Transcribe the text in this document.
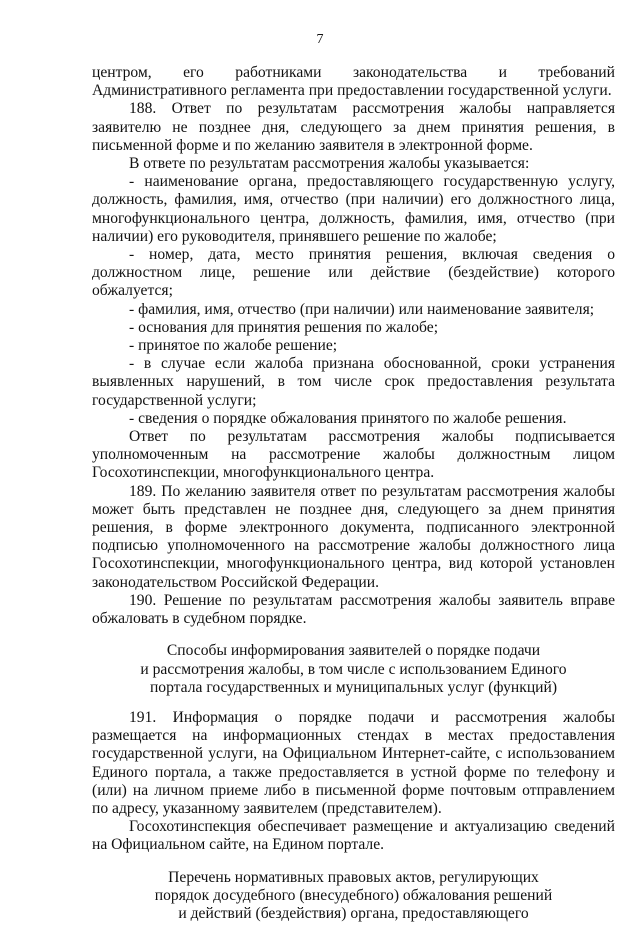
7

центром, его работниками законодательства и требований Административного регламента при предоставлении государственной услуги.

188. Ответ по результатам рассмотрения жалобы направляется заявителю не позднее дня, следующего за днем принятия решения, в письменной форме и по желанию заявителя в электронной форме.

В ответе по результатам рассмотрения жалобы указывается:

- наименование органа, предоставляющего государственную услугу, должность, фамилия, имя, отчество (при наличии) его должностного лица, многофункционального центра, должность, фамилия, имя, отчество (при наличии) его руководителя, принявшего решение по жалобе;

- номер, дата, место принятия решения, включая сведения о должностном лице, решение или действие (бездействие) которого обжалуется;

- фамилия, имя, отчество (при наличии) или наименование заявителя;

- основания для принятия решения по жалобе;

- принятое по жалобе решение;

- в случае если жалоба признана обоснованной, сроки устранения выявленных нарушений, в том числе срок предоставления результата государственной услуги;

- сведения о порядке обжалования принятого по жалобе решения.

Ответ по результатам рассмотрения жалобы подписывается уполномоченным на рассмотрение жалобы должностным лицом Госохотинспекции, многофункционального центра.

189. По желанию заявителя ответ по результатам рассмотрения жалобы может быть представлен не позднее дня, следующего за днем принятия решения, в форме электронного документа, подписанного электронной подписью уполномоченного на рассмотрение жалобы должностного лица Госохотинспекции, многофункционального центра, вид которой установлен законодательством Российской Федерации.

190. Решение по результатам рассмотрения жалобы заявитель вправе обжаловать в судебном порядке.

Способы информирования заявителей о порядке подачи
и рассмотрения жалобы, в том числе с использованием Единого
портала государственных и муниципальных услуг (функций)

191. Информация о порядке подачи и рассмотрения жалобы размещается на информационных стендах в местах предоставления государственной услуги, на Официальном Интернет-сайте, с использованием Единого портала, а также предоставляется в устной форме по телефону и (или) на личном приеме либо в письменной форме почтовым отправлением по адресу, указанному заявителем (представителем).

Госохотинспекция обеспечивает размещение и актуализацию сведений на Официальном сайте, на Едином портале.

Перечень нормативных правовых актов, регулирующих
порядок досудебного (внесудебного) обжалования решений
и действий (бездействия) органа, предоставляющего
